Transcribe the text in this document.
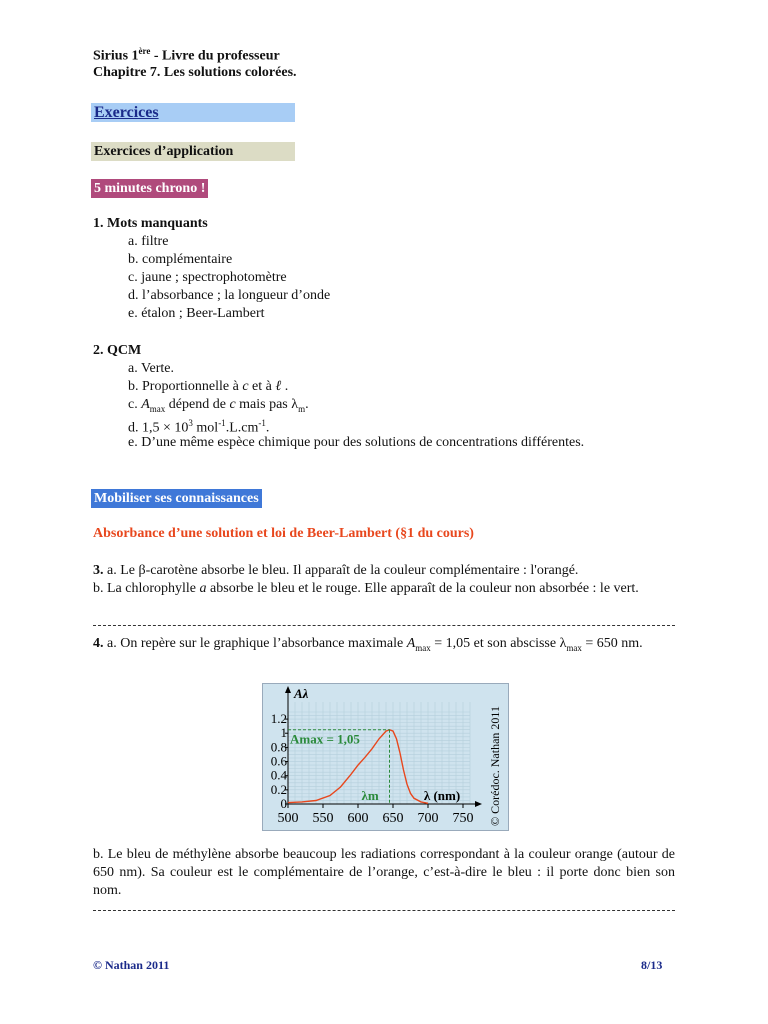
Sirius 1ère - Livre du professeur
Chapitre 7. Les solutions colorées.
Exercices
Exercices d’application
5 minutes chrono !
1. Mots manquants
a. filtre
b. complémentaire
c. jaune ; spectrophotomètre
d. l’absorbance ; la longueur d’onde
e. étalon ; Beer-Lambert
2. QCM
a. Verte.
b. Proportionnelle à c et à ℓ .
c. $A_{max}$ dépend de c mais pas $\lambda_m$.
d. $1,5 \times 10^3$ $mol^{-1}.L.cm^{-1}$.
e. D’une même espèce chimique pour des solutions de concentrations différentes.
Mobiliser ses connaissances
Absorbance d’une solution et loi de Beer-Lambert (§1 du cours)
3. a. Le β-carotène absorbe le bleu. Il apparaît de la couleur complémentaire : l'orangé.
b. La chlorophylle a absorbe le bleu et le rouge. Elle apparaît de la couleur non absorbée : le vert.
4. a. On repère sur le graphique l’absorbance maximale $A_{max} = 1,05$ et son abscisse $\lambda_{max} = 650$ nm.
500 550 600 650 700 750
0
0.2
0.4
0.6
0.8
1
1.2
Aλ
λ (nm)
Amax = 1,05
λm	© Corédoc. Nathan 2011
b. Le bleu de méthylène absorbe beaucoup les radiations correspondant à la couleur orange (autour de 650 nm). Sa couleur est le complémentaire de l’orange, c’est-à-dire le bleu : il porte donc bien son nom.
© Nathan 2011	8/13
